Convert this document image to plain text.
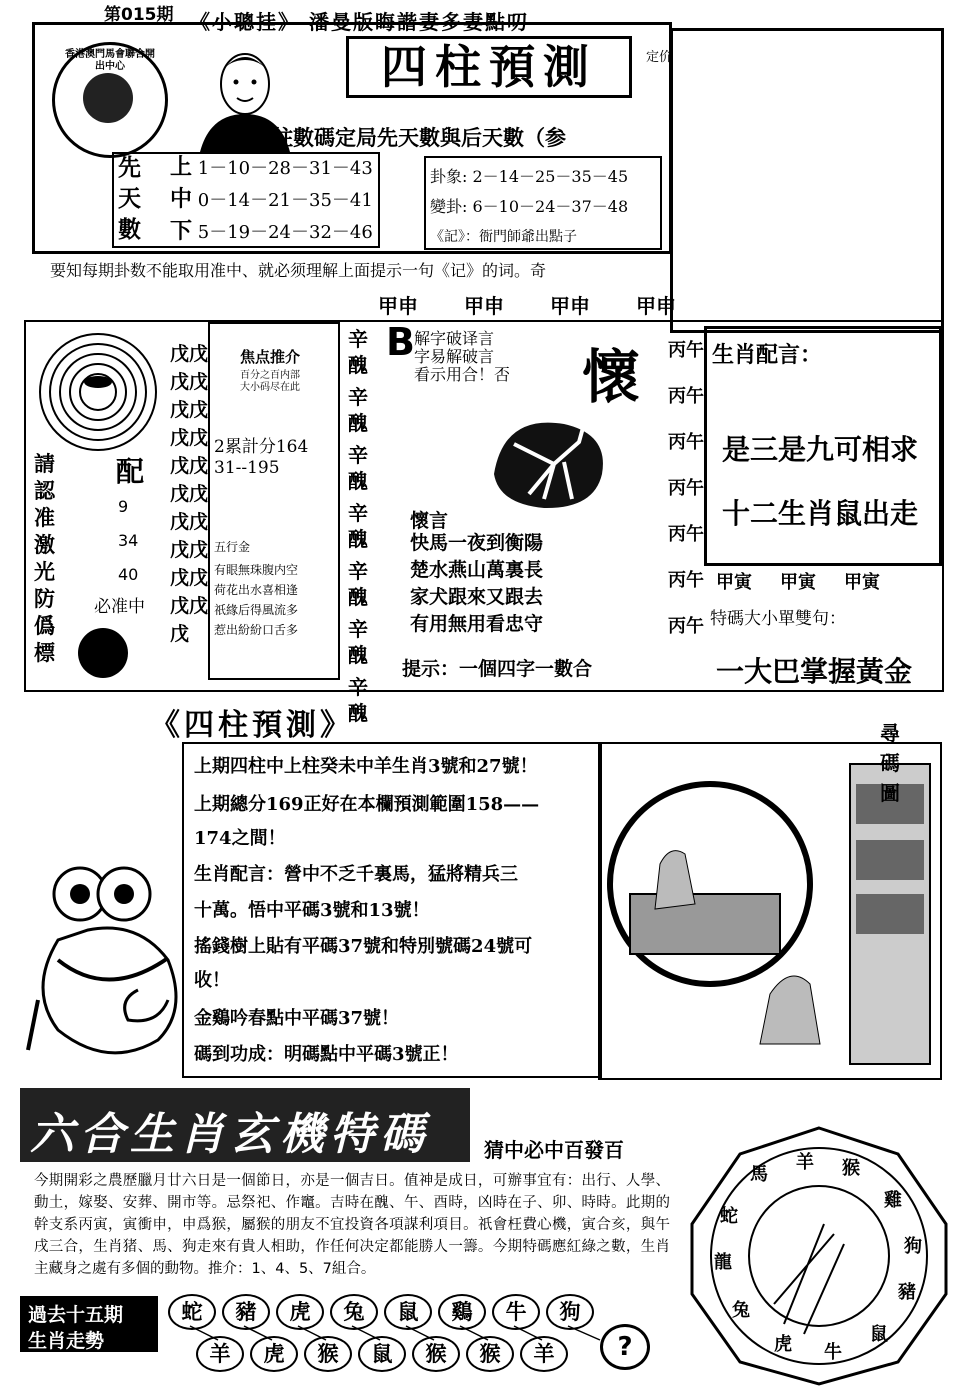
第015期 《小聰挂》 潘曼版晦諧妻多妻點叨
香港澳門馬會聯合開出中心	四柱預測	定价
柱數碼定局先天數與后天數（参
先
天
數
上 1－10－28－31－43
中 0－14－21－35－41
下 5－19－24－32－46
卦象: 2－14－25－35－45
變卦: 6－10－24－37－48
《記》：衙門師爺出點子
要知每期卦数不能取用准中、就必须理解上面提示一句《记》的词。奇
甲申 甲申 甲申 甲申
請
認
准
激
光
防
僞
標
配
9
34
40
必准中
戊戊
戊戊
戊戊
戊戊
戊戊
戊
戊戊
戊戊
戊戊
戊戊
戊戊
焦点推介
百分之百内部
大小码尽在此
2累計分164
31--195
五行金
有眼無珠腹内空
荷花出水喜相逢
祇緣后得風流多
惹出紛紛口舌多
辛
醜
辛
醜
辛
醜
辛
醜
辛
醜
辛
醜
辛
醜
B 解字破译言
字易解破言
看示用合！否 懷
懷言
快馬一夜到衡陽
楚水燕山萬裏長
家犬跟來又跟去
有用無用看忠守
提示：一個四字一數合
丙午
丙午
丙午
丙午
丙午
丙午
丙午
生肖配言：
是三是九可相求
十二生肖鼠出走
甲寅 甲寅 甲寅
特碼大小單雙句：
一大巴掌握黃金
《四柱預測》
上期四柱中上柱癸未中羊生肖3號和27號！
上期總分169正好在本欄預測範圍158——
174之間！
生肖配言：營中不乏千裏馬，猛將精兵三
十萬。悟中平碼3號和13號！
搖錢樹上貼有平碼37號和特別號碼24號可
收！
金鷄吟春點中平碼37號！
碼到功成：明碼點中平碼3號正！
尋
碼
圖
六合生肖玄機特碼	猜中必中百發百
今期開彩之農歷臘月廿六日是一個節日，亦是一個吉日。值神是成日，可辦事宜有：出行、人學、動土，嫁娶、安葬、開市等。忌祭祀、作竈。吉時在醜、午、酉時，凶時在子、卯、時時。此期的幹支系丙寅，寅衝申，申爲猴，屬猴的朋友不宜投資各項謀利項目。祇會枉費心機，寅合亥，與午戌三合，生肖猪、馬、狗走來有貴人相助，作任何决定都能勝人一籌。今期特碼應紅綠之數，生肖主藏身之處有多個的動物。推介：1、4、5、7組合。
過去十五期
生肖走勢
蛇	豬	虎	兔	鼠	鷄	牛	狗
羊	虎	猴	鼠	猴	猴	羊	?
馬
羊 猴
雞
狗
豬
鼠
牛
虎
兔
龍
蛇
